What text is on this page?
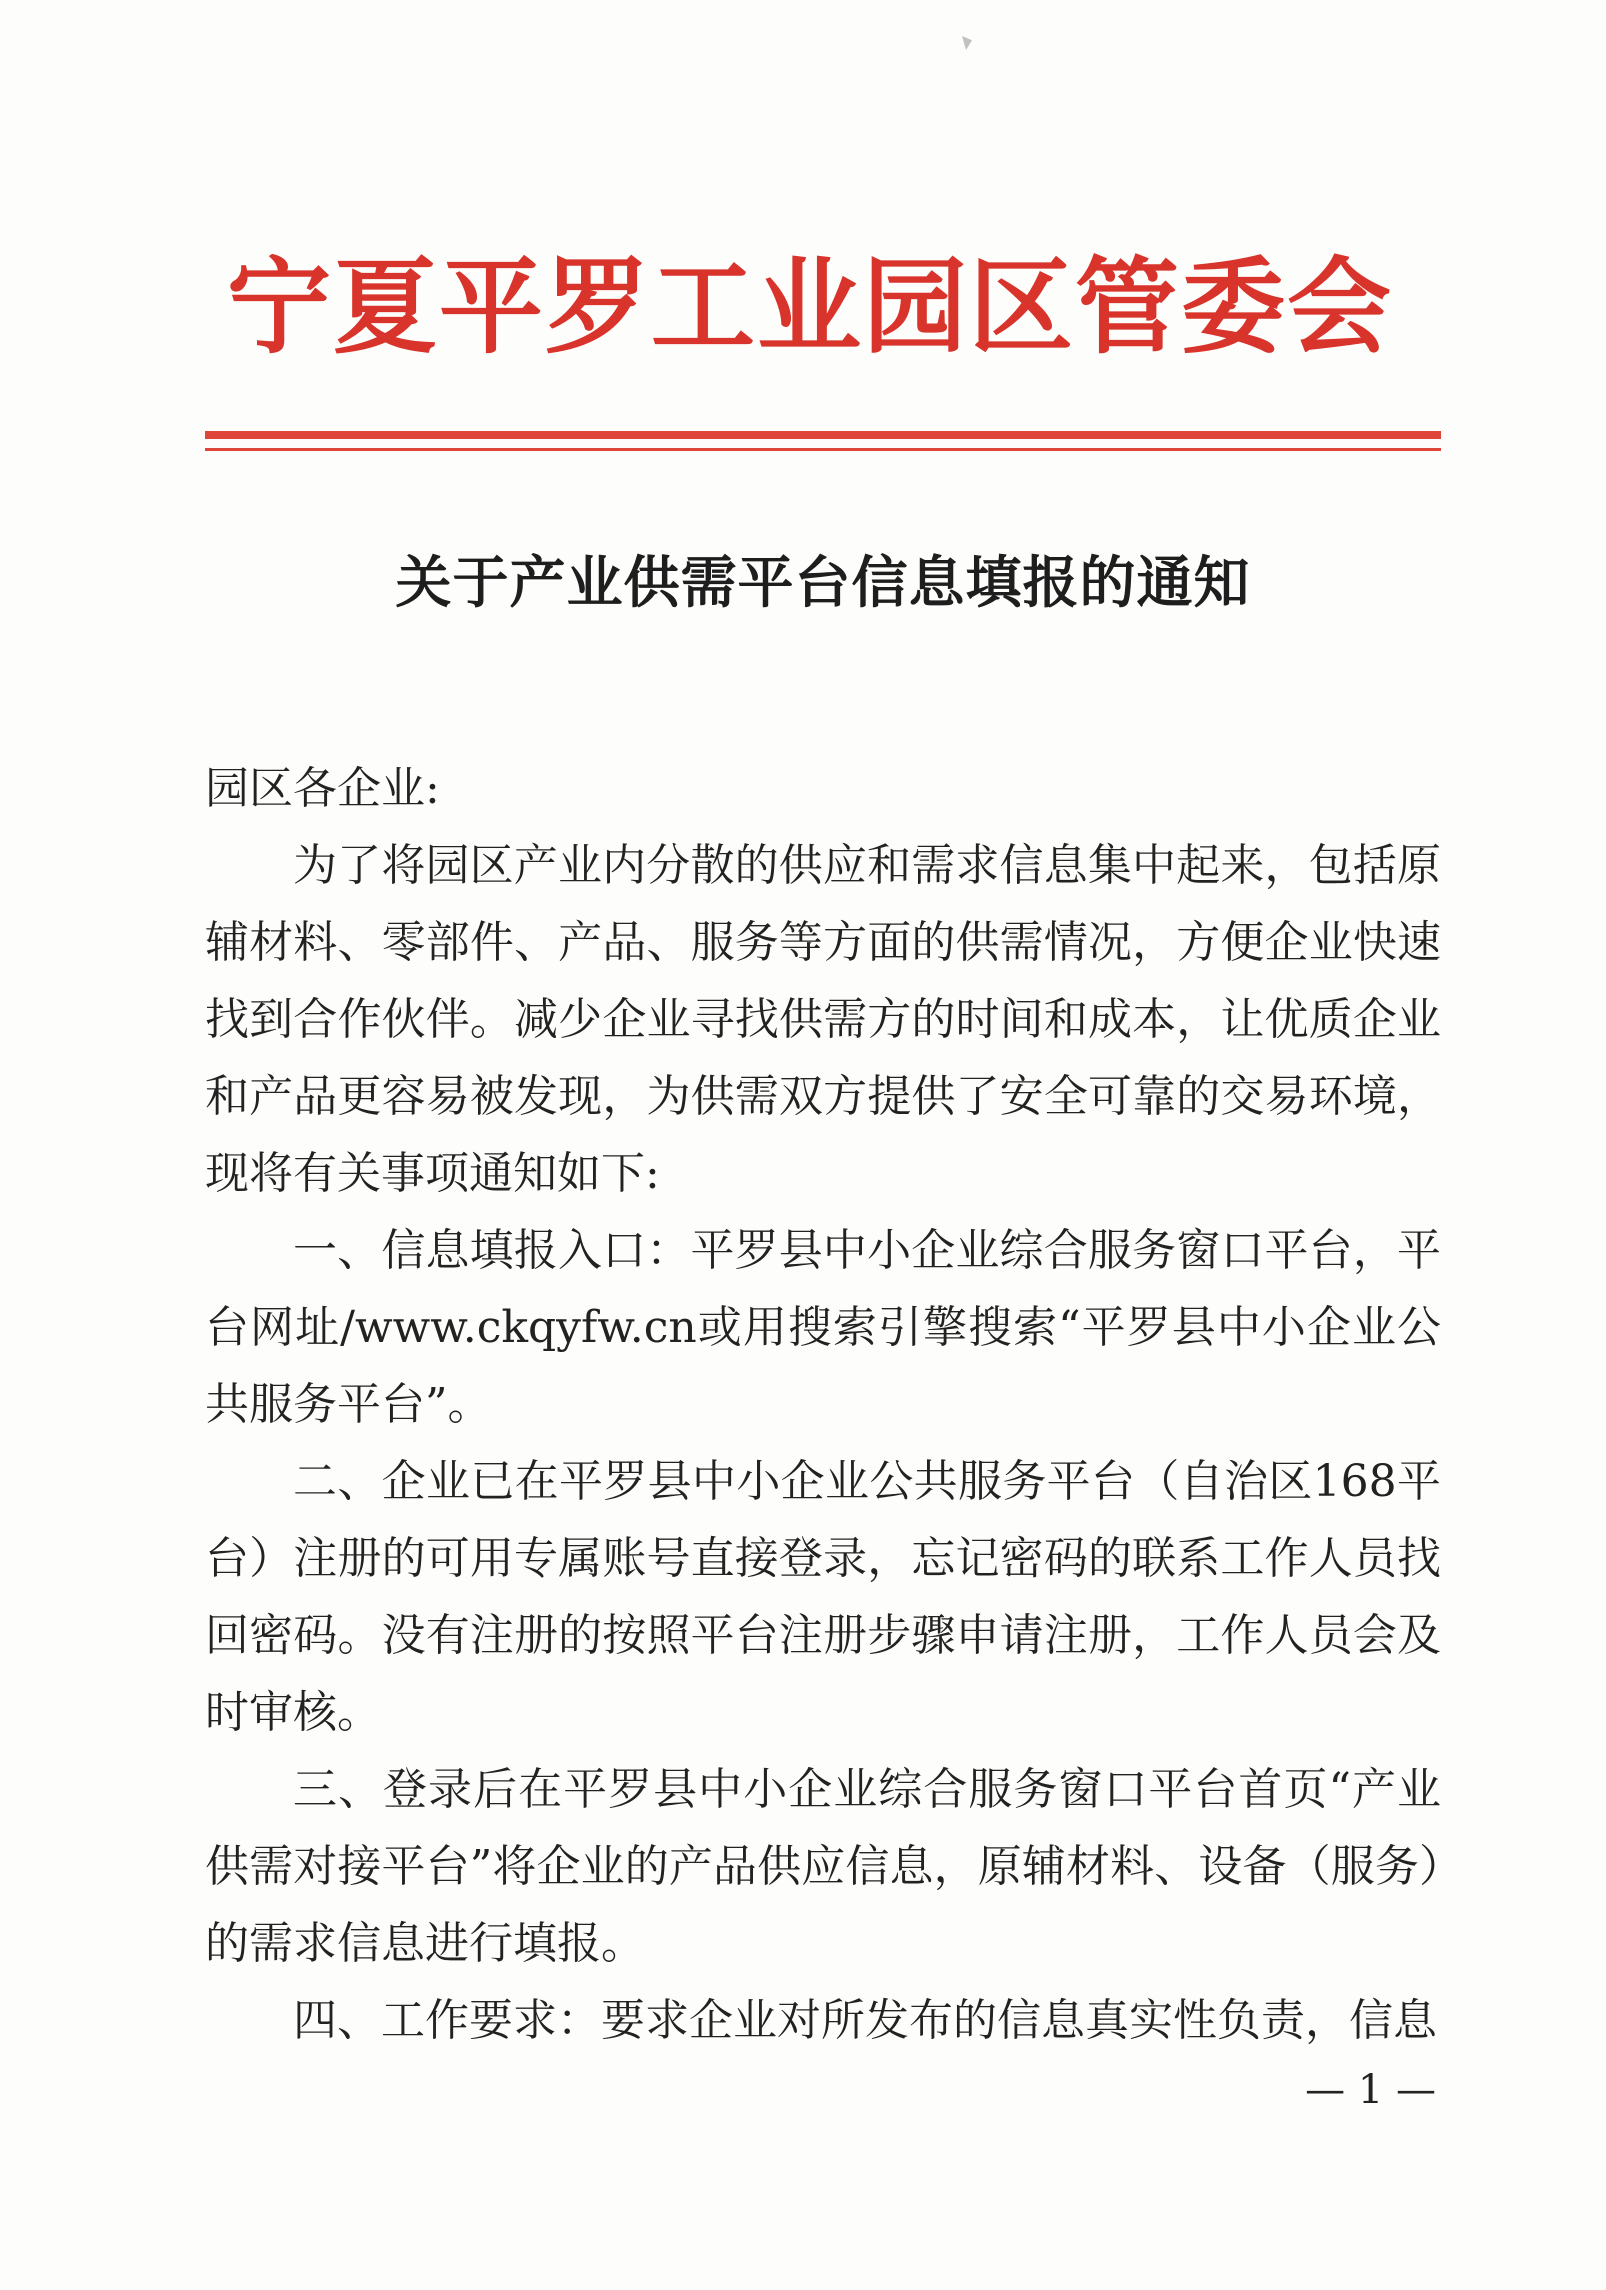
宁夏平罗工业园区管委会
关于产业供需平台信息填报的通知

园区各企业:

为了将园区产业内分散的供应和需求信息集中起来，包括原辅材料、零部件、产品、服务等方面的供需情况，方便企业快速找到合作伙伴。减少企业寻找供需方的时间和成本，让优质企业和产品更容易被发现，为供需双方提供了安全可靠的交易环境，现将有关事项通知如下:

一、信息填报入口：平罗县中小企业综合服务窗口平台，平台网址/www.ckqyfw.cn或用搜索引擎搜索“平罗县中小企业公共服务平台”。

二、企业已在平罗县中小企业公共服务平台（自治区168平台）注册的可用专属账号直接登录，忘记密码的联系工作人员找回密码。没有注册的按照平台注册步骤申请注册，工作人员会及时审核。

三、登录后在平罗县中小企业综合服务窗口平台首页“产业供需对接平台”将企业的产品供应信息，原辅材料、设备（服务）的需求信息进行填报。

四、工作要求：要求企业对所发布的信息真实性负责，信息

— 1 —
